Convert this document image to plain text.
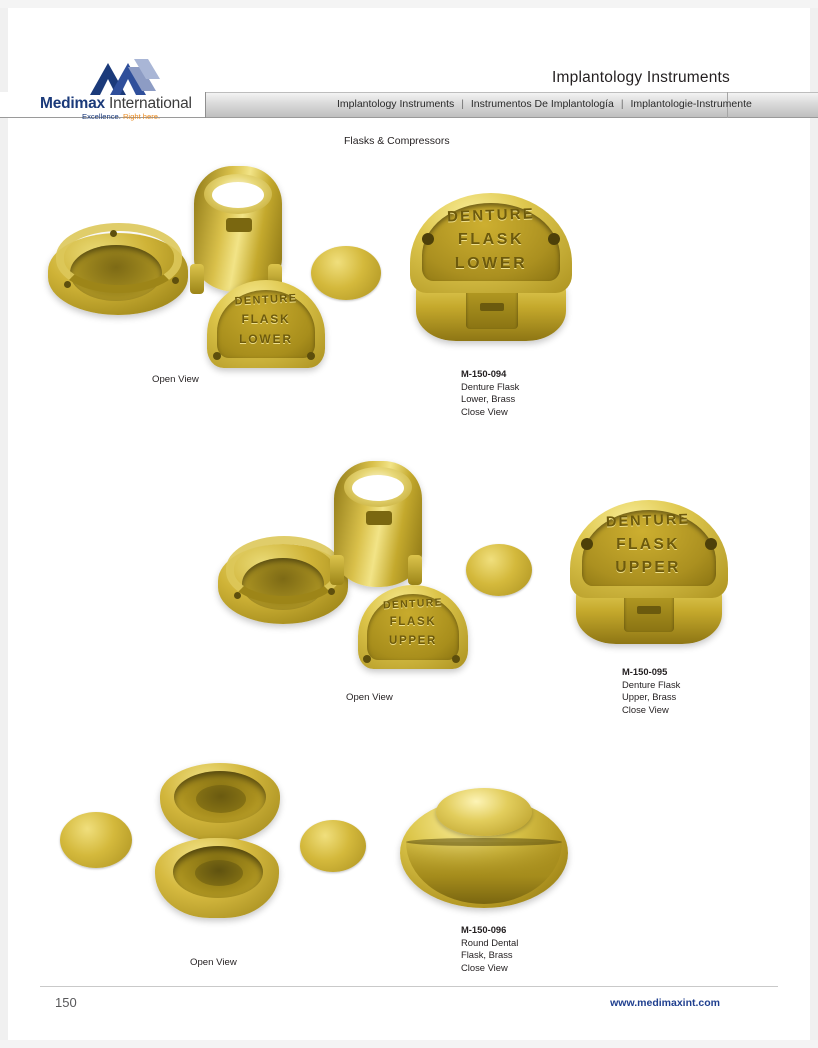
Implantology Instruments
Implantology Instruments | Instrumentos De Implantología | Implantologie-Instrumente
Medimax International
Excellence. Right here.
Flasks & Compressors
DENTURE
FLASK
LOWER
Open View
DENTURE
FLASK
LOWER
M-150-094
Denture Flask
Lower, Brass
Close View
DENTURE
FLASK
UPPER
Open View
DENTURE
FLASK
UPPER
M-150-095
Denture Flask
Upper, Brass
Close View
Open View
M-150-096
Round Dental
Flask, Brass
Close View
150	www.medimaxint.com
